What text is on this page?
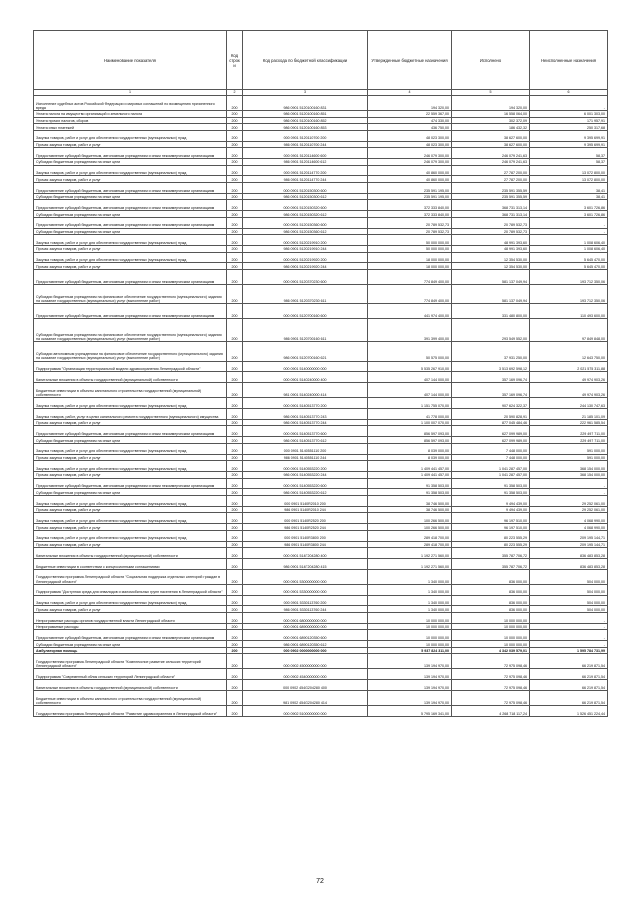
Наименование показателя	Код строки	Код расхода по бюджетной классификации	Утвержденные бюджетные назначения	Исполнено	Неисполненные назначения
1	2	3	4	5	6
Исполнение судебных актов Российской Федерации и мировых соглашений по возмещению причиненного вреда	200	986 0901 5120100160 831	194 320,00	194 320,00	-
Уплата налога на имущество организаций и земельного налога	200	986 0901 5120100160 851	22 559 367,00	16 558 064,00	6 001 303,00
Уплата прочих налогов, сборов	200	986 0901 5120100160 852	474 330,00	302 372,09	171 957,91
Уплата иных платежей	200	986 0901 5120100160 853	436 750,00	186 432,32	250 317,68
Закупка товаров, работ и услуг для обеспечения государственных (муниципальных) нужд	200	000 0901 5120110700 200	48 023 300,00	38 627 600,00	9 395 699,91
Прочая закупка товаров, работ и услуг	200	986 0901 5120110700 244	48 023 300,00	38 627 600,00	9 395 699,91
Предоставление субсидий бюджетным, автономным учреждениям и иным некоммерческим организациям	200	000 0901 5120114600 600	246 079 300,00	246 079 241,63	58,37
Субсидии бюджетным учреждениям на иные цели	200	986 0901 5120114600 612	246 079 300,00	246 079 241,63	58,37
Закупка товаров, работ и услуг для обеспечения государственных (муниципальных) нужд	200	000 0901 5120114770 200	40 860 000,00	27 787 200,00	13 072 800,00
Прочая закупка товаров, работ и услуг	200	986 0901 5120114770 244	40 860 000,00	27 787 200,00	13 072 800,00
Предоставление субсидий бюджетным, автономным учреждениям и иным некоммерческим организациям	200	000 0901 5120150300 600	235 591 195,00	235 591 355,59	38,41
Субсидии бюджетным учреждениям на иные цели	200	986 0901 5120150300 612	235 591 195,00	235 591 355,59	38,41
Предоставление субсидий бюджетным, автономным учреждениям и иным некоммерческим организациям	200	000 0901 5120150320 600	372 333 840,00	368 731 313,14	3 601 726,86
Субсидии бюджетным учреждениям на иные цели	200	986 0901 5120150320 612	372 333 840,00	368 731 313,14	3 601 726,86
Предоставление субсидий бюджетным, автономным учреждениям и иным некоммерческим организациям	200	000 0901 5120150360 600	20 789 532,73	20 789 532,73	-
Субсидии бюджетным учреждениям на иные цели	200	986 0901 5120150360 612	20 789 532,73	20 789 532,73	-
Закупка товаров, работ и услуг для обеспечения государственных (муниципальных) нужд	200	000 0901 5120219910 200	50 000 000,00	48 991 393,60	1 008 606,40
Прочая закупка товаров, работ и услуг	200	986 0901 5120219910 244	50 000 000,00	48 991 393,60	1 008 606,40
Закупка товаров, работ и услуг для обеспечения государственных (муниципальных) нужд	200	000 0901 5120219920 200	18 000 000,00	12 354 530,00	5 645 470,00
Прочая закупка товаров, работ и услуг	200	986 0901 5120219920 244	18 000 000,00	12 354 530,00	5 645 470,00
Предоставление субсидий бюджетным, автономным учреждениям и иным некоммерческим организациям	200	000 0901 5120370230 600	774 849 400,00	581 137 049,94	193 712 350,06
Субсидии бюджетным учреждениям на финансовое обеспечение государственного (муниципального) задания на оказание государственных (муниципальных) услуг (выполнение работ)	200	986 0901 5120370230 611	774 849 400,00	581 137 049,94	193 712 350,06
Предоставление субсидий бюджетным, автономным учреждениям и иным некоммерческим организациям	200	000 0901 5120700160 600	441 974 400,00	331 480 800,00	110 493 600,00
Субсидии бюджетным учреждениям на финансовое обеспечение государственного (муниципального) задания на оказание государственных (муниципальных) услуг (выполнение работ)	200	986 0901 5120700160 611	391 399 400,00	293 549 552,00	97 849 848,00
Субсидии автономным учреждениям на финансовое обеспечение государственного (муниципального) задания на оказание государственных (муниципальных) услуг (выполнение работ)	200	986 0901 5120700160 621	50 575 000,00	37 931 250,00	12 643 750,00
Подпрограмма "Организация территориальной модели здравоохранения Ленинградской области"	200	000 0901 5140000000 000	5 535 267 910,00	3 513 692 598,12	2 021 575 311,88
Капитальные вложения в объекты государственной (муниципальной) собственности	200	000 0901 5140240000 400	407 144 000,00	357 169 096,74	49 974 903,26
Бюджетные инвестиции в объекты капитального строительства государственной (муниципальной) собственности	200	981 0901 5140240000 414	407 144 000,00	357 169 096,74	49 974 903,26
Закупка товаров, работ и услуг для обеспечения государственных (муниципальных) нужд	200	000 0901 5140513770 200	1 151 755 070,00	907 624 322,37	244 130 747,63
Закупка товаров, работ, услуг в целях капитального ремонта государственного (муниципального) имущества	200	986 0901 5140513770 243	41 778 000,00	20 590 828,91	21 185 101,09
Прочая закупка товаров, работ и услуг	200	986 0901 5140513770 244	1 100 007 070,00	877 045 484,46	222 961 585,54
Предоставление субсидий бюджетным, автономным учреждениям и иным некоммерческим организациям	200	000 0901 5140513770 600	856 597 093,00	627 099 989,00	229 497 711,00
Субсидии бюджетным учреждениям на иные цели	200	986 0901 5140513770 612	856 597 093,00	627 099 989,00	229 497 711,00
Закупка товаров, работ и услуг для обеспечения государственных (муниципальных) нужд	200	000 0901 5140551110 200	8 039 000,00	7 448 000,00	591 000,00
Прочая закупка товаров, работ и услуг	200	986 0901 5140551110 244	8 039 000,00	7 448 000,00	591 000,00
Закупка товаров, работ и услуг для обеспечения государственных (муниципальных) нужд	200	000 0901 5140553220 200	1 409 441 457,00	1 041 287 457,00	368 154 000,00
Прочая закупка товаров, работ и услуг	200	986 0901 5140553220 244	1 409 441 457,00	1 041 287 457,00	368 154 000,00
Предоставление субсидий бюджетным, автономным учреждениям и иным некоммерческим организациям	200	000 0901 5140553220 600	91 358 503,00	91 358 503,00	-
Субсидии бюджетным учреждениям на иные цели	200	986 0901 5140553220 612	91 358 503,00	91 358 503,00	-
Закупка товаров, работ и услуг для обеспечения государственных (муниципальных) нужд	200	000 0901 5140R2010 200	38 746 500,00	9 494 439,00	29 252 061,00
Прочая закупка товаров, работ и услуг	200	986 0901 5140R2010 244	38 746 500,00	9 494 439,00	29 252 061,00
Закупка товаров, работ и услуг для обеспечения государственных (муниципальных) нужд	200	000 0901 5140R2520 200	100 266 500,00	96 197 510,00	4 068 990,00
Прочая закупка товаров, работ и услуг	200	986 0901 5140R2520 244	100 266 500,00	96 197 510,00	4 068 990,00
Закупка товаров, работ и услуг для обеспечения государственных (муниципальных) нужд	200	000 0901 5140R3800 200	289 418 700,00	80 223 555,29	209 195 144,71
Прочая закупка товаров, работ и услуг	200	986 0901 5140R3800 244	289 418 700,00	80 223 555,29	209 195 144,71
Капитальные вложения в объекты государственной (муниципальной) собственности	200	000 0901 514Г204280 400	1 192 271 560,00	355 787 706,72	836 483 853,28
Бюджетные инвестиции в соответствии с концессионными соглашениями	200	986 0901 514Г204280 415	1 192 271 560,00	355 787 706,72	836 483 853,28
Государственная программа Ленинградской области "Социальная поддержка отдельных категорий граждан в Ленинградской области"	200	000 0901 5300000000 000	1 340 000,00	836 000,00	504 000,00
Подпрограмма "Доступная среда для инвалидов и маломобильных групп населения в Ленинградской области"	200	000 0901 5330000000 000	1 340 000,00	836 000,00	504 000,00
Закупка товаров, работ и услуг для обеспечения государственных (муниципальных) нужд	200	000 0901 5330113760 200	1 340 000,00	836 000,00	504 000,00
Прочая закупка товаров, работ и услуг	200	986 0901 5330113760 244	1 340 000,00	836 000,00	504 000,00
Непрограммные расходы органов государственной власти Ленинградской области	200	000 0901 6800000000 000	10 000 000,00	10 000 000,00	-
Непрограммные расходы	200	000 0901 6890000000 000	10 000 000,00	10 000 000,00	-
Предоставление субсидий бюджетным, автономным учреждениям и иным некоммерческим организациям	200	000 0901 6890120350 600	10 000 000,00	10 000 000,00	-
Субсидии бюджетным учреждениям на иные цели	200	986 0901 6890120350 612	10 000 000,00	10 000 000,00	-
Амбулаторная помощь	200	000 0902 0000000000 000	5 937 824 311,00	4 342 039 579,01	1 595 784 731,99
Государственная программа Ленинградской области "Комплексное развитие сельских территорий Ленинградской области"	200	000 0902 4500000000 000	139 194 970,00	72 975 098,46	66 219 871,54
Подпрограмма "Современный облик сельских территорий Ленинградской области"	200	000 0902 4540000000 000	139 194 970,00	72 975 098,46	66 219 871,54
Капитальные вложения в объекты государственной (муниципальной) собственности	200	000 0902 454G204280 400	139 194 970,00	72 975 098,46	66 219 871,54
Бюджетные инвестиции в объекты капитального строительства государственной (муниципальной) собственности	200	981 0902 454G204280 414	139 194 970,00	72 975 098,46	66 219 871,54
Государственная программа Ленинградской области "Развитие здравоохранения в Ленинградской области"	200	000 0902 5100000000 000	5 795 169 341,00	4 268 718 117,24	1 526 451 224,44
72
